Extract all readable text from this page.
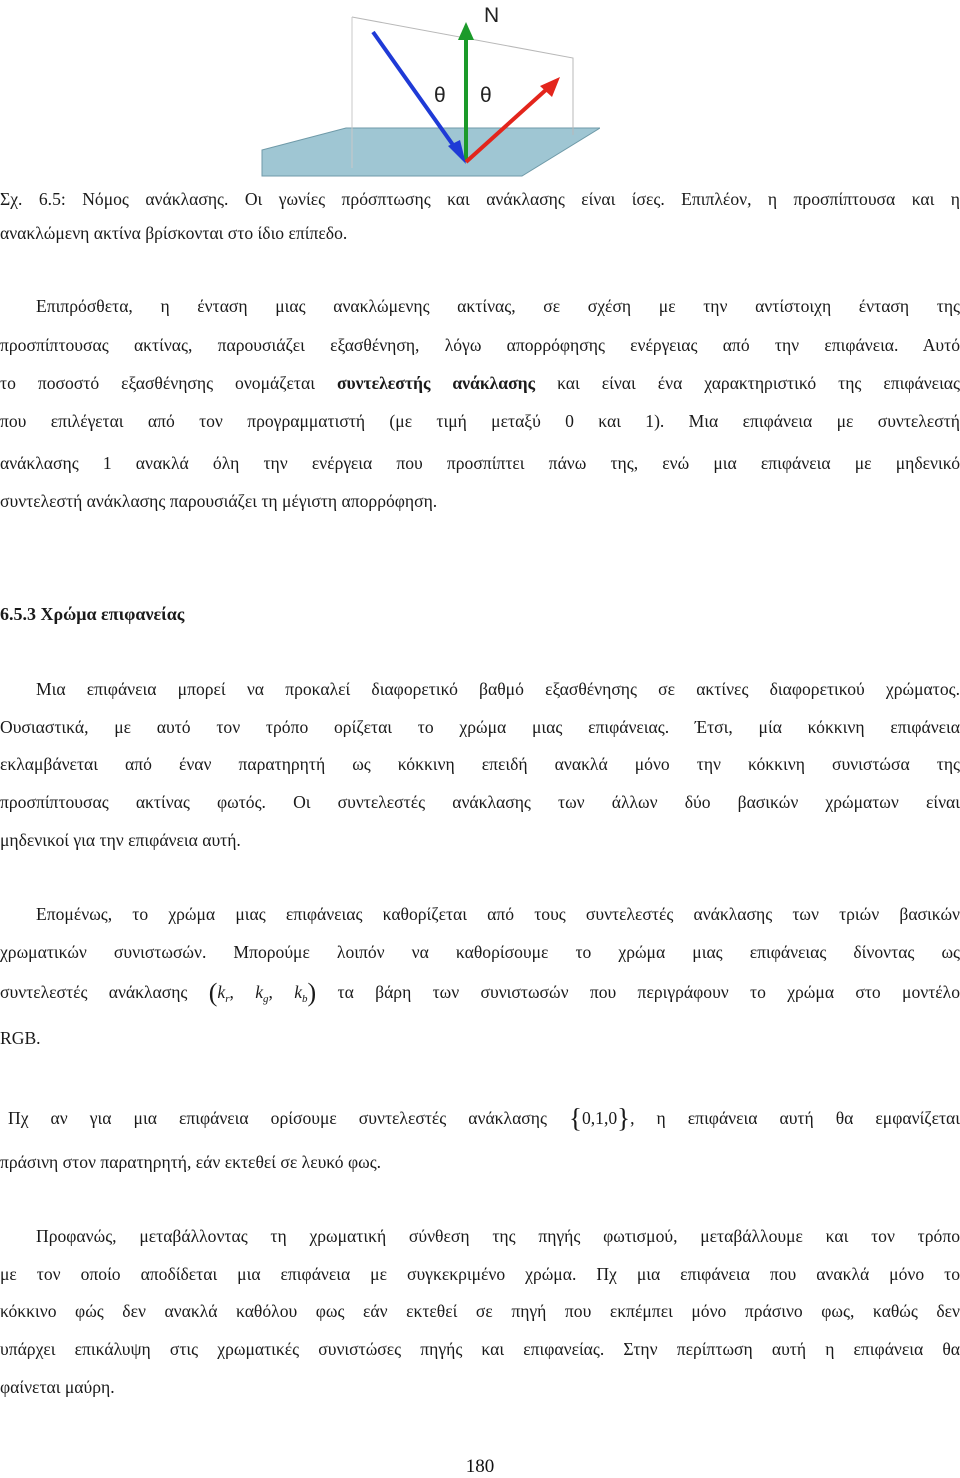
N
θ θ
Σχ. 6.5: Νόμος ανάκλασης. Οι γωνίες πρόσπτωσης και ανάκλασης είναι ίσες. Επιπλέον, η προσπίπτουσα και η
ανακλώμενη ακτίνα βρίσκονται στο ίδιο επίπεδο.
Επιπρόσθετα, η ένταση μιας ανακλώμενης ακτίνας, σε σχέση με την αντίστοιχη ένταση της
προσπίπτουσας ακτίνας, παρουσιάζει εξασθένηση, λόγω απορρόφησης ενέργειας από την επιφάνεια. Αυτό
το ποσοστό εξασθένησης ονομάζεται συντελεστής ανάκλασης και είναι ένα χαρακτηριστικό της επιφάνειας
που επιλέγεται από τον προγραμματιστή (με τιμή μεταξύ 0 και 1). Μια επιφάνεια με συντελεστή
ανάκλασης 1 ανακλά όλη την ενέργεια που προσπίπτει πάνω της, ενώ μια επιφάνεια με μηδενικό
συντελεστή ανάκλασης παρουσιάζει τη μέγιστη απορρόφηση.
6.5.3 Χρώμα επιφανείας
Μια επιφάνεια μπορεί να προκαλεί διαφορετικό βαθμό εξασθένησης σε ακτίνες διαφορετικού χρώματος.
Ουσιαστικά, με αυτό τον τρόπο ορίζεται το χρώμα μιας επιφάνειας. Έτσι, μία κόκκινη επιφάνεια
εκλαμβάνεται από έναν παρατηρητή ως κόκκινη επειδή ανακλά μόνο την κόκκινη συνιστώσα της
προσπίπτουσας ακτίνας φωτός. Οι συντελεστές ανάκλασης των άλλων δύο βασικών χρώματων είναι
μηδενικοί για την επιφάνεια αυτή.
Επομένως, το χρώμα μιας επιφάνειας καθορίζεται από τους συντελεστές ανάκλασης των τριών βασικών
χρωματικών συνιστωσών. Μπορούμε λοιπόν να καθορίσουμε το χρώμα μιας επιφάνειας δίνοντας ως
συντελεστές ανάκλασης ($k_r$, $k_g$, $k_b$) τα βάρη των συνιστωσών που περιγράφουν το χρώμα στο μοντέλο
RGB.
Πχ αν για μια επιφάνεια ορίσουμε συντελεστές ανάκλασης {0,1,0}, η επιφάνεια αυτή θα εμφανίζεται
πράσινη στον παρατηρητή, εάν εκτεθεί σε λευκό φως.
Προφανώς, μεταβάλλοντας τη χρωματική σύνθεση της πηγής φωτισμού, μεταβάλλουμε και τον τρόπο
με τον οποίο αποδίδεται μια επιφάνεια με συγκεκριμένο χρώμα. Πχ μια επιφάνεια που ανακλά μόνο το
κόκκινο φώς δεν ανακλά καθόλου φως εάν εκτεθεί σε πηγή που εκπέμπει μόνο πράσινο φως, καθώς δεν
υπάρχει επικάλυψη στις χρωματικές συνιστώσες πηγής και επιφανείας. Στην περίπτωση αυτή η επιφάνεια θα
φαίνεται μαύρη.
180
